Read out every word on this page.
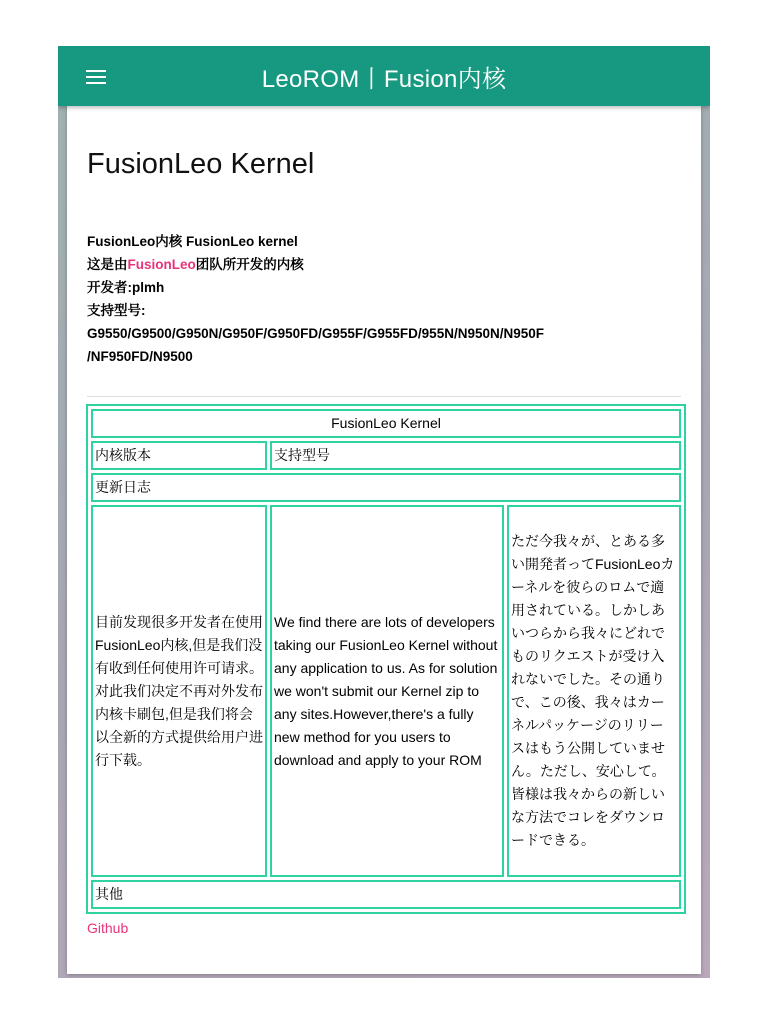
LeoROM丨Fusion内核
FusionLeo Kernel
FusionLeo内核 FusionLeo kernel
这是由FusionLeo团队所开发的内核
开发者:plmh
支持型号:
G9550/G9500/G950N/G950F/G950FD/G955F/G955FD/955N/N950N/N950F
/NF950FD/N9500
FusionLeo Kernel		
内核版本	支持型号	
更新日志		
目前发现很多开发者在使用FusionLeo内核,但是我们没有收到任何使用许可请求。对此我们决定不再对外发布内核卡刷包,但是我们将会以全新的方式提供给用户进行下载。	We find there are lots of developers taking our FusionLeo Kernel without any application to us. As for solution we won't submit our Kernel zip to any sites.However,there's a fully new method for you users to download and apply to your ROM	ただ今我々が、とある多い開発者ってFusionLeoカーネルを彼らのロムで適用されている。しかしあいつらから我々にどれでものリクエストが受け入れないでした。その通りで、この後、我々はカーネルパッケージのリリースはもう公開していません。ただし、安心して。皆様は我々からの新しいな方法でコレをダウンロードできる。
其他		
Github
